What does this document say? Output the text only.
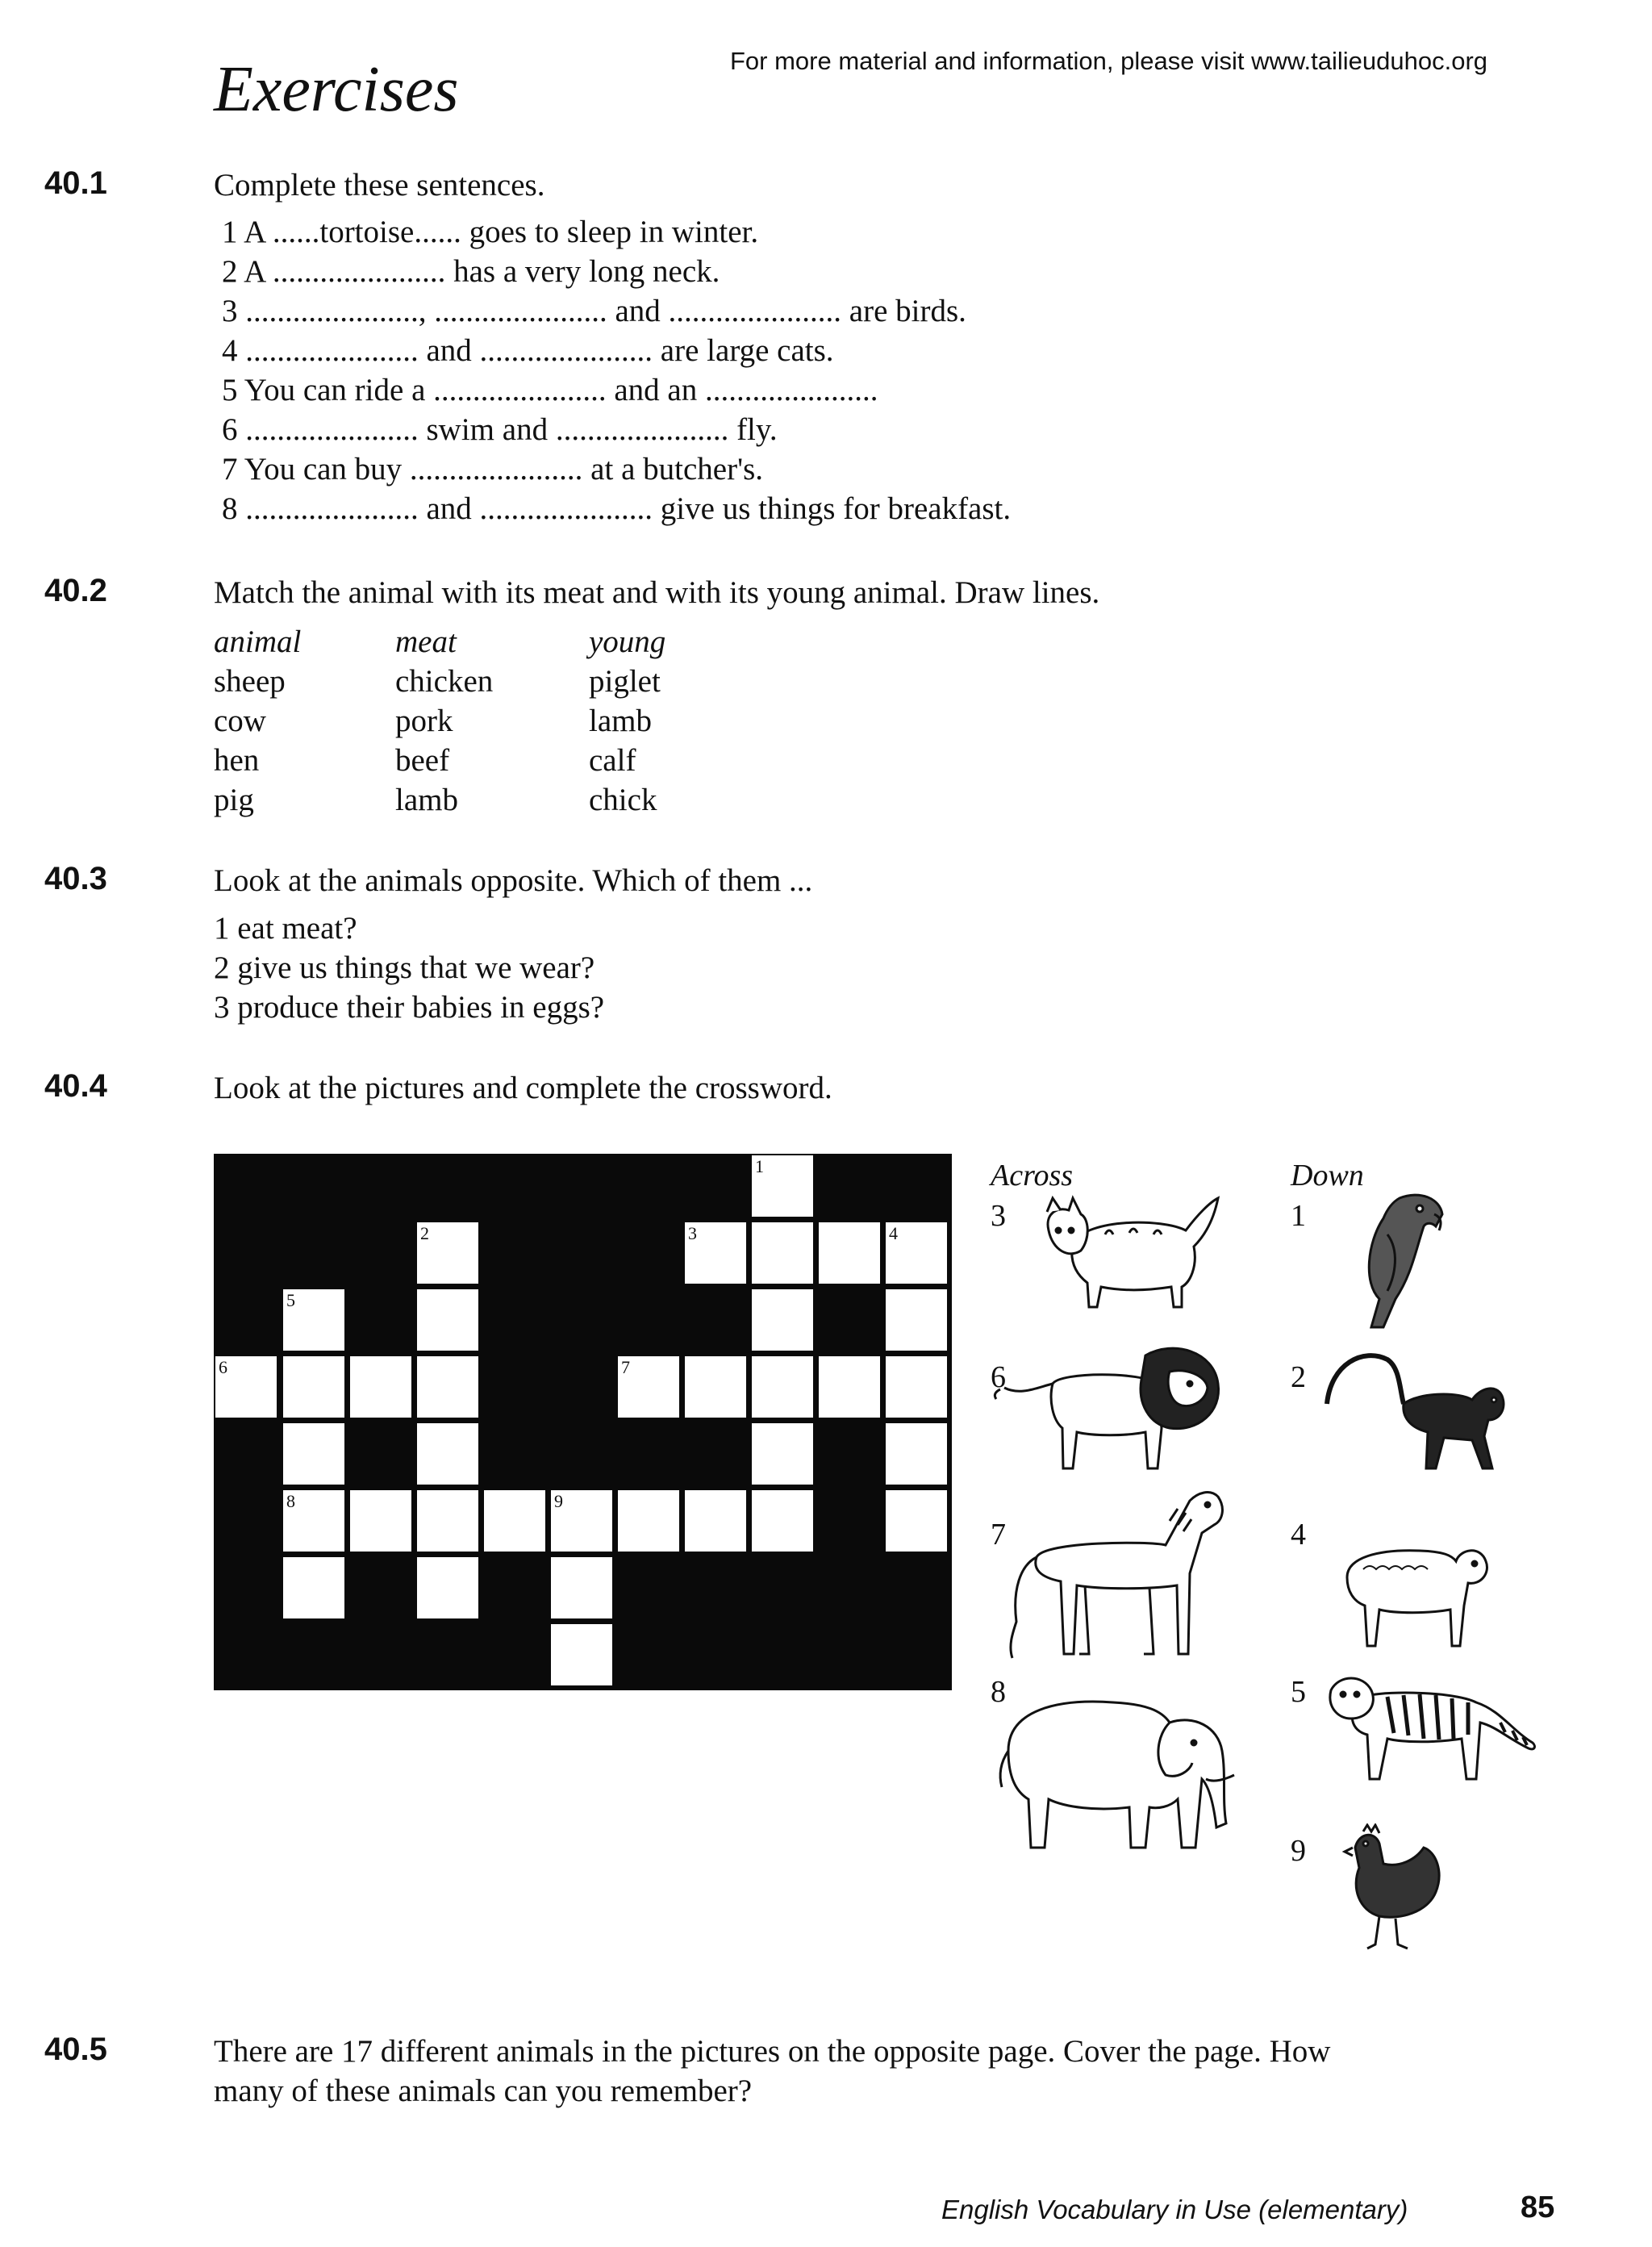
Exercises	For more material and information, please visit www.tailieuduhoc.org
40.1	Complete these sentences.
1 A ......tortoise...... goes to sleep in winter.
2 A ...................... has a very long neck.
3 ......................, ...................... and ...................... are birds.
4 ...................... and ...................... are large cats.
5 You can ride a ...................... and an ......................
6 ...................... swim and ...................... fly.
7 You can buy ...................... at a butcher's.
8 ...................... and ...................... give us things for breakfast.
40.2	Match the animal with its meat and with its young animal. Draw lines.
animal	meat	young
sheep	chicken	piglet
cow	pork	lamb
hen	beef	calf
pig	lamb	chick
40.3	Look at the animals opposite. Which of them ...
1 eat meat?
2 give us things that we wear?
3 produce their babies in eggs?
40.4	Look at the pictures and complete the crossword.
1
2	3	4
5
6	7
8	9
Across
3
6
7
8
Down
1
2
4
5
9
40.5	There are 17 different animals in the pictures on the opposite page. Cover the page. How
many of these animals can you remember?
English Vocabulary in Use (elementary)	85
